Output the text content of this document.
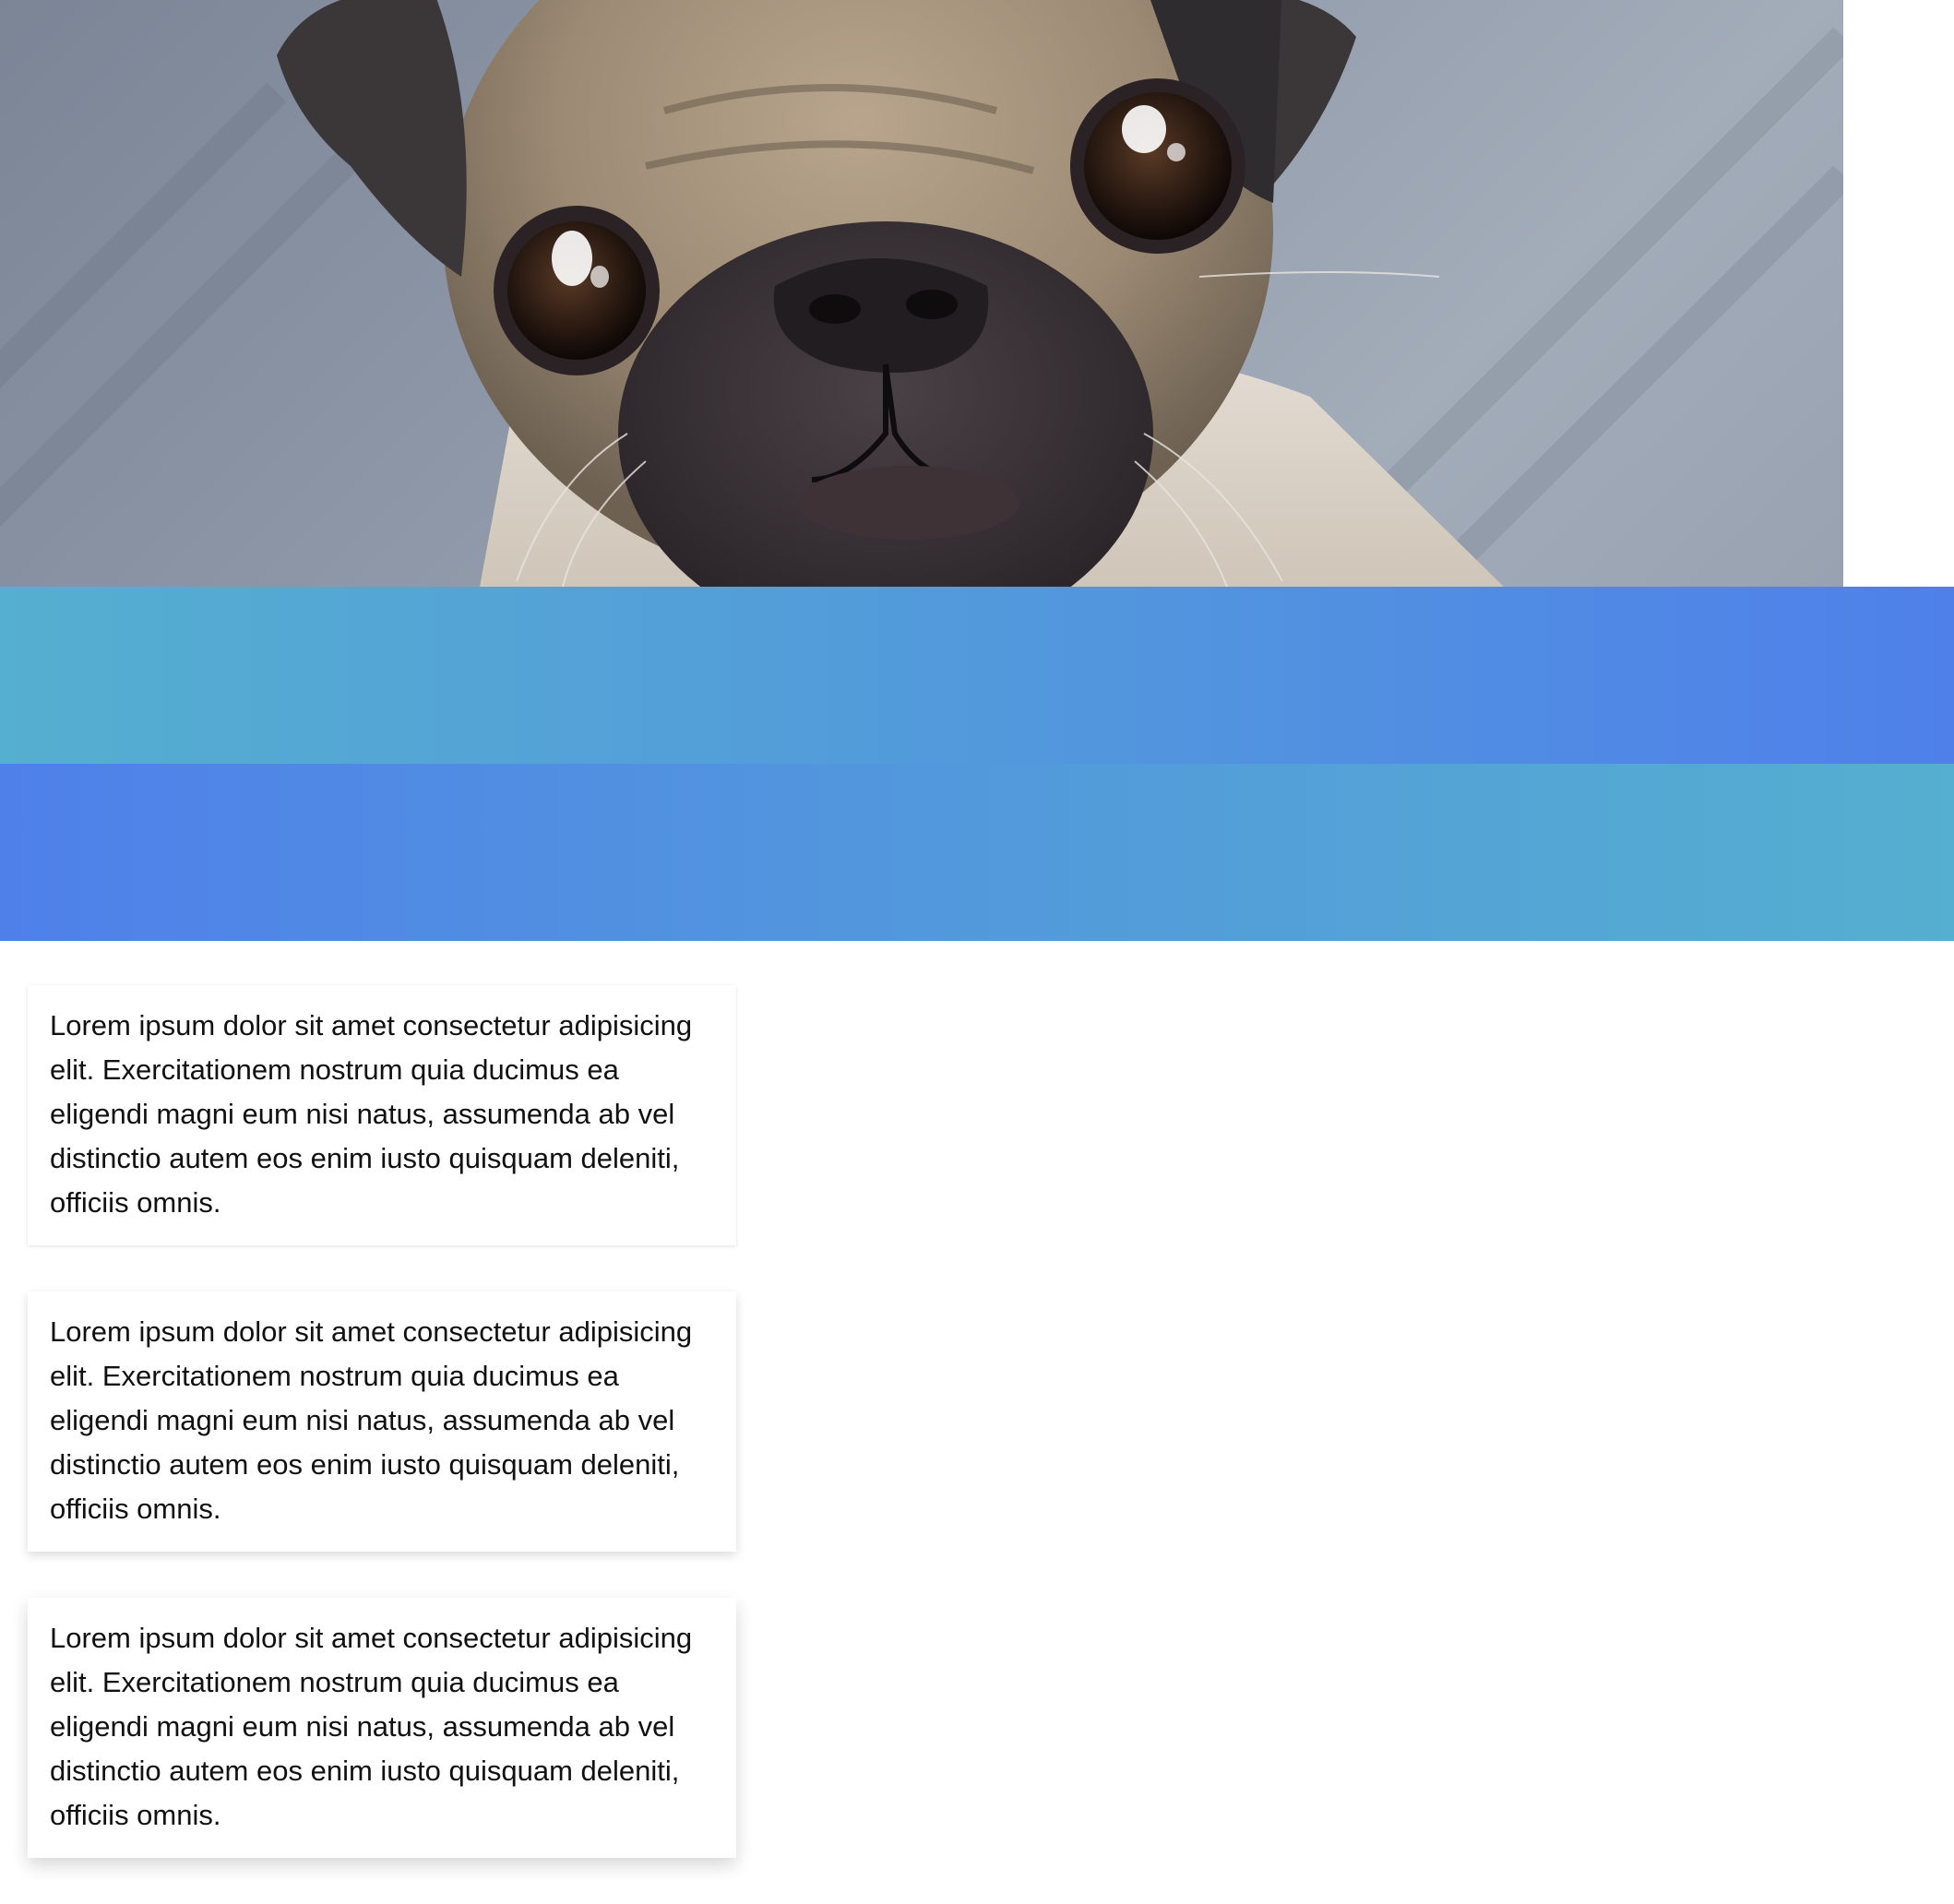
Lorem ipsum dolor sit amet consectetur adipisicing elit. Exercitationem nostrum quia ducimus ea eligendi magni eum nisi natus, assumenda ab vel distinctio autem eos enim iusto quisquam deleniti, officiis omnis.

Lorem ipsum dolor sit amet consectetur adipisicing elit. Exercitationem nostrum quia ducimus ea eligendi magni eum nisi natus, assumenda ab vel distinctio autem eos enim iusto quisquam deleniti, officiis omnis.

Lorem ipsum dolor sit amet consectetur adipisicing elit. Exercitationem nostrum quia ducimus ea eligendi magni eum nisi natus, assumenda ab vel distinctio autem eos enim iusto quisquam deleniti, officiis omnis.
